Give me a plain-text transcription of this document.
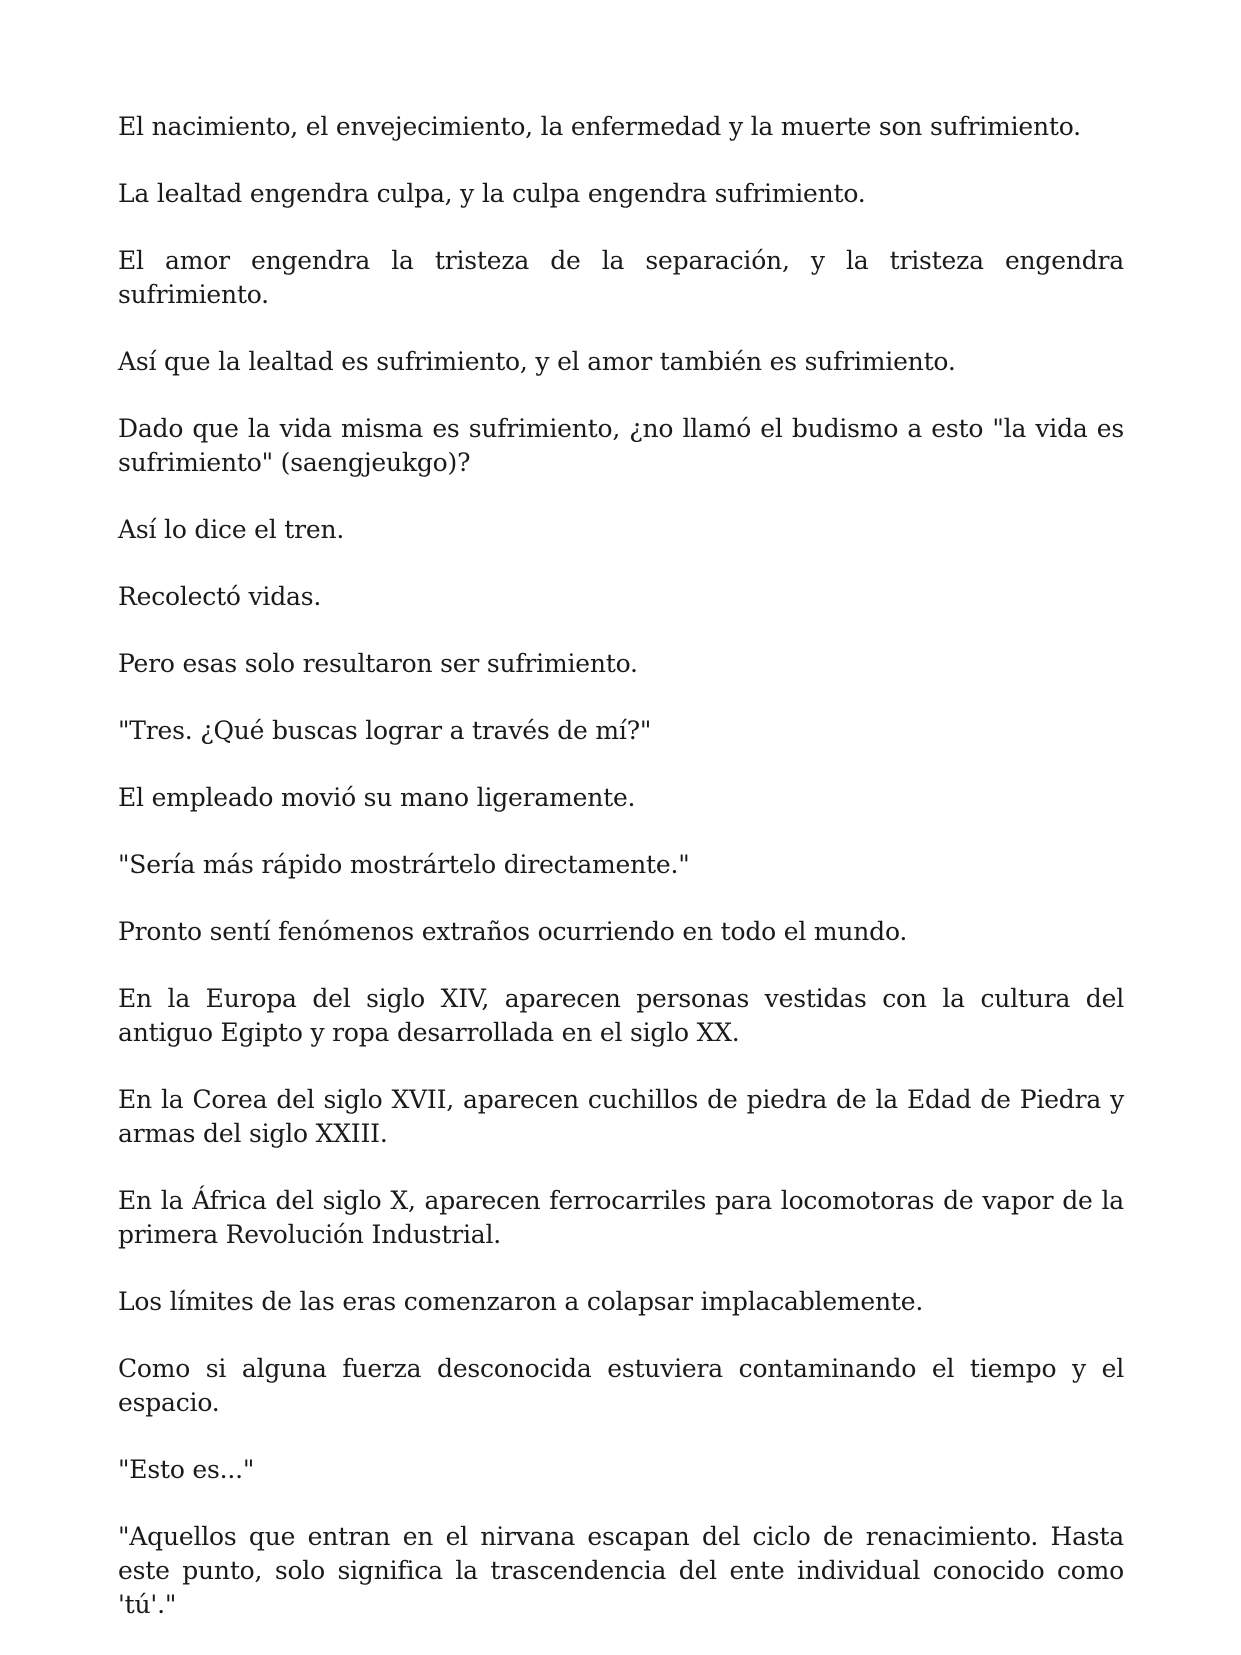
El nacimiento, el envejecimiento, la enfermedad y la muerte son sufrimiento.

La lealtad engendra culpa, y la culpa engendra sufrimiento.

El amor engendra la tristeza de la separación, y la tristeza engendra sufrimiento.

Así que la lealtad es sufrimiento, y el amor también es sufrimiento.

Dado que la vida misma es sufrimiento, ¿no llamó el budismo a esto "la vida es sufrimiento" (saengjeukgo)?

Así lo dice el tren.

Recolectó vidas.

Pero esas solo resultaron ser sufrimiento.

"Tres. ¿Qué buscas lograr a través de mí?"

El empleado movió su mano ligeramente.

"Sería más rápido mostrártelo directamente."

Pronto sentí fenómenos extraños ocurriendo en todo el mundo.

En la Europa del siglo XIV, aparecen personas vestidas con la cultura del antiguo Egipto y ropa desarrollada en el siglo XX.

En la Corea del siglo XVII, aparecen cuchillos de piedra de la Edad de Piedra y armas del siglo XXIII.

En la África del siglo X, aparecen ferrocarriles para locomotoras de vapor de la primera Revolución Industrial.

Los límites de las eras comenzaron a colapsar implacablemente.

Como si alguna fuerza desconocida estuviera contaminando el tiempo y el espacio.

"Esto es..."

"Aquellos que entran en el nirvana escapan del ciclo de renacimiento. Hasta este punto, solo significa la trascendencia del ente individual conocido como 'tú'."
